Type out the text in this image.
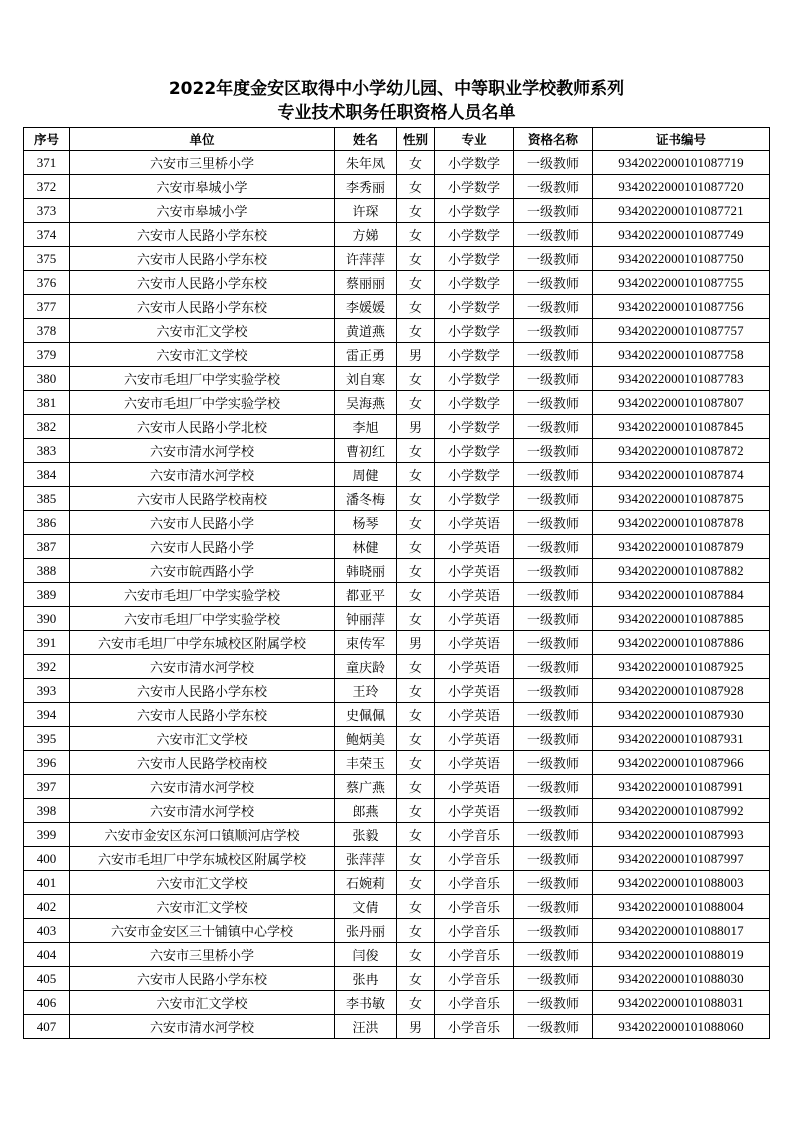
2022年度金安区取得中小学幼儿园、中等职业学校教师系列
专业技术职务任职资格人员名单
序号	单位	姓名	性别	专业	资格名称	证书编号
371	六安市三里桥小学	朱年凤	女	小学数学	一级教师	9342022000101087719
372	六安市皋城小学	李秀丽	女	小学数学	一级教师	9342022000101087720
373	六安市皋城小学	许琛	女	小学数学	一级教师	9342022000101087721
374	六安市人民路小学东校	方娣	女	小学数学	一级教师	9342022000101087749
375	六安市人民路小学东校	许萍萍	女	小学数学	一级教师	9342022000101087750
376	六安市人民路小学东校	蔡丽丽	女	小学数学	一级教师	9342022000101087755
377	六安市人民路小学东校	李媛媛	女	小学数学	一级教师	9342022000101087756
378	六安市汇文学校	黄道燕	女	小学数学	一级教师	9342022000101087757
379	六安市汇文学校	雷正勇	男	小学数学	一级教师	9342022000101087758
380	六安市毛坦厂中学实验学校	刘自寒	女	小学数学	一级教师	9342022000101087783
381	六安市毛坦厂中学实验学校	吴海燕	女	小学数学	一级教师	9342022000101087807
382	六安市人民路小学北校	李旭	男	小学数学	一级教师	9342022000101087845
383	六安市清水河学校	曹初红	女	小学数学	一级教师	9342022000101087872
384	六安市清水河学校	周健	女	小学数学	一级教师	9342022000101087874
385	六安市人民路学校南校	潘冬梅	女	小学数学	一级教师	9342022000101087875
386	六安市人民路小学	杨琴	女	小学英语	一级教师	9342022000101087878
387	六安市人民路小学	林健	女	小学英语	一级教师	9342022000101087879
388	六安市皖西路小学	韩晓丽	女	小学英语	一级教师	9342022000101087882
389	六安市毛坦厂中学实验学校	都亚平	女	小学英语	一级教师	9342022000101087884
390	六安市毛坦厂中学实验学校	钟丽萍	女	小学英语	一级教师	9342022000101087885
391	六安市毛坦厂中学东城校区附属学校	束传军	男	小学英语	一级教师	9342022000101087886
392	六安市清水河学校	童庆龄	女	小学英语	一级教师	9342022000101087925
393	六安市人民路小学东校	王玲	女	小学英语	一级教师	9342022000101087928
394	六安市人民路小学东校	史佩佩	女	小学英语	一级教师	9342022000101087930
395	六安市汇文学校	鲍炳美	女	小学英语	一级教师	9342022000101087931
396	六安市人民路学校南校	丰荣玉	女	小学英语	一级教师	9342022000101087966
397	六安市清水河学校	蔡广燕	女	小学英语	一级教师	9342022000101087991
398	六安市清水河学校	郎燕	女	小学英语	一级教师	9342022000101087992
399	六安市金安区东河口镇顺河店学校	张毅	女	小学音乐	一级教师	9342022000101087993
400	六安市毛坦厂中学东城校区附属学校	张萍萍	女	小学音乐	一级教师	9342022000101087997
401	六安市汇文学校	石婉莉	女	小学音乐	一级教师	9342022000101088003
402	六安市汇文学校	文倩	女	小学音乐	一级教师	9342022000101088004
403	六安市金安区三十铺镇中心学校	张丹丽	女	小学音乐	一级教师	9342022000101088017
404	六安市三里桥小学	闫俊	女	小学音乐	一级教师	9342022000101088019
405	六安市人民路小学东校	张冉	女	小学音乐	一级教师	9342022000101088030
406	六安市汇文学校	李书敏	女	小学音乐	一级教师	9342022000101088031
407	六安市清水河学校	汪洪	男	小学音乐	一级教师	9342022000101088060
